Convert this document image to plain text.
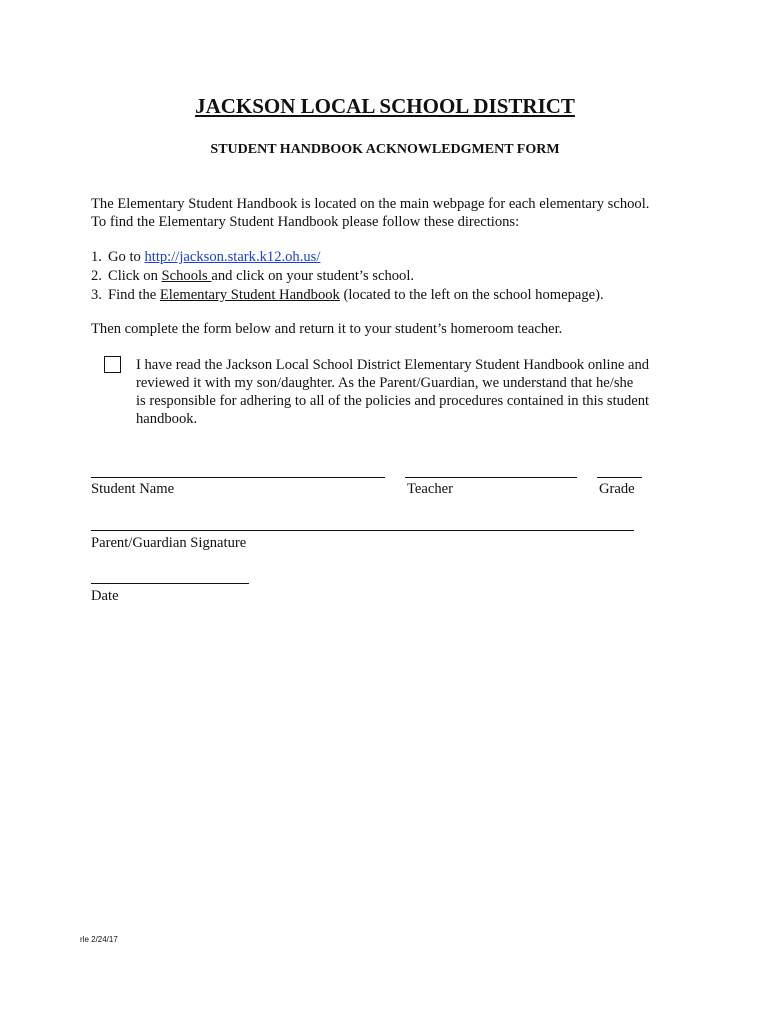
JACKSON LOCAL SCHOOL DISTRICT
STUDENT HANDBOOK ACKNOWLEDGMENT FORM
The Elementary Student Handbook is located on the main webpage for each elementary school.
To find the Elementary Student Handbook please follow these directions:
1. Go to http://jackson.stark.k12.oh.us/
2. Click on Schools and click on your student’s school.
3. Find the Elementary Student Handbook (located to the left on the school homepage).
Then complete the form below and return it to your student’s homeroom teacher.
I have read the Jackson Local School District Elementary Student Handbook online and
reviewed it with my son/daughter. As the Parent/Guardian, we understand that he/she
is responsible for adhering to all of the policies and procedures contained in this student
handbook.
Student Name	Teacher	Grade
Parent/Guardian Signature
Date
rle 2/24/17
